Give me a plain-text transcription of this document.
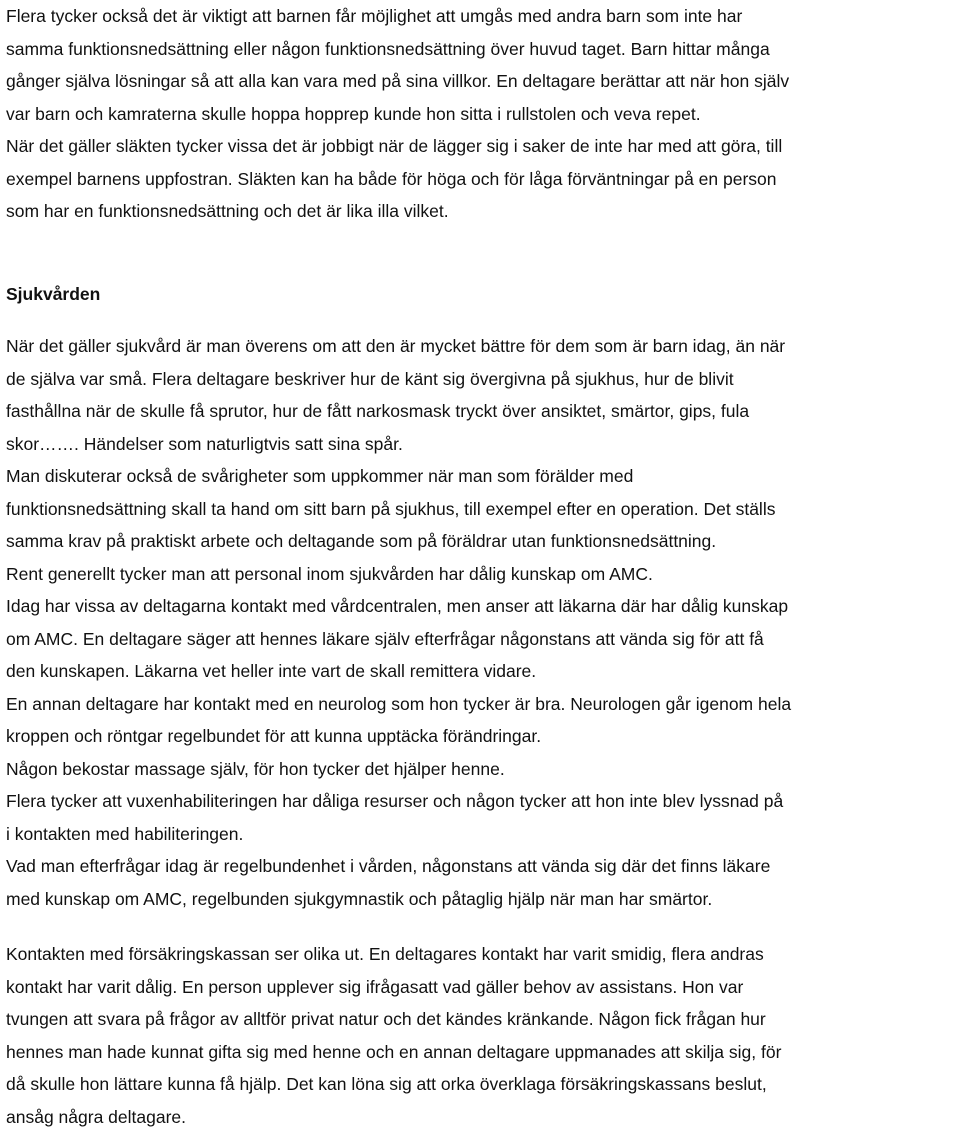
Flera tycker också det är viktigt att barnen får möjlighet att umgås med andra barn som inte har
samma funktionsnedsättning eller någon funktionsnedsättning över huvud taget. Barn hittar många
gånger själva lösningar så att alla kan vara med på sina villkor. En deltagare berättar att när hon själv
var barn och kamraterna skulle hoppa hopprep kunde hon sitta i rullstolen och veva repet.
När det gäller släkten tycker vissa det är jobbigt när de lägger sig i saker de inte har med att göra, till
exempel barnens uppfostran. Släkten kan ha både för höga och för låga förväntningar på en person
som har en funktionsnedsättning och det är lika illa vilket.
Sjukvården
När det gäller sjukvård är man överens om att den är mycket bättre för dem som är barn idag, än när
de själva var små. Flera deltagare beskriver hur de känt sig övergivna på sjukhus, hur de blivit
fasthållna när de skulle få sprutor, hur de fått narkosmask tryckt över ansiktet, smärtor, gips, fula
skor……. Händelser som naturligtvis satt sina spår.
Man diskuterar också de svårigheter som uppkommer när man som förälder med
funktionsnedsättning skall ta hand om sitt barn på sjukhus, till exempel efter en operation. Det ställs
samma krav på praktiskt arbete och deltagande som på föräldrar utan funktionsnedsättning.
Rent generellt tycker man att personal inom sjukvården har dålig kunskap om AMC.
Idag har vissa av deltagarna kontakt med vårdcentralen, men anser att läkarna där har dålig kunskap
om AMC. En deltagare säger att hennes läkare själv efterfrågar någonstans att vända sig för att få
den kunskapen. Läkarna vet heller inte vart de skall remittera vidare.
En annan deltagare har kontakt med en neurolog som hon tycker är bra. Neurologen går igenom hela
kroppen och röntgar regelbundet för att kunna upptäcka förändringar.
Någon bekostar massage själv, för hon tycker det hjälper henne.
Flera tycker att vuxenhabiliteringen har dåliga resurser och någon tycker att hon inte blev lyssnad på
i kontakten med habiliteringen.
Vad man efterfrågar idag är regelbundenhet i vården, någonstans att vända sig där det finns läkare
med kunskap om AMC, regelbunden sjukgymnastik och påtaglig hjälp när man har smärtor.
Kontakten med försäkringskassan ser olika ut. En deltagares kontakt har varit smidig, flera andras
kontakt har varit dålig. En person upplever sig ifrågasatt vad gäller behov av assistans. Hon var
tvungen att svara på frågor av alltför privat natur och det kändes kränkande. Någon fick frågan hur
hennes man hade kunnat gifta sig med henne och en annan deltagare uppmanades att skilja sig, för
då skulle hon lättare kunna få hjälp. Det kan löna sig att orka överklaga försäkringskassans beslut,
ansåg några deltagare.
